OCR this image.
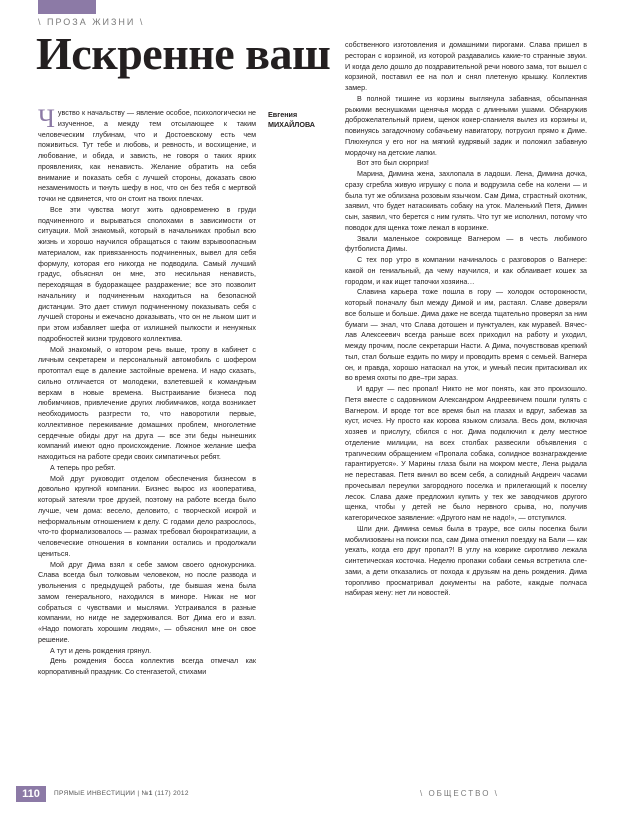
\ ПРОЗА ЖИЗНИ \
Искренне ваш
Евгения
МИХАЙЛОВА

Чувство к начальству — явление особое, психологически не изученное, а между тем отсылающее к таким человеческим глубинам, что и Достоевскому есть чем поживиться. Тут тебе и любовь, и ревность, и восхищение, и любование, и обида, и зависть, не говоря о таких ярких проявлениях, как ненависть. Желание обратить на себя внимание и показать себя с лучшей стороны, доказать свою незаменимость и ткнуть шефу в нос, что он без тебя с мертвой точки не сдвинется, что он стоит на твоих плечах.

Все эти чувства могут жить одновременно в груди подчиненного и вырываться сполохами в зависимости от ситуации. Мой знакомый, который в начальниках пробыл всю жизнь и хорошо научился обращаться с таким взрывоопасным материалом, как привязанность подчиненных, вывел для себя формулу, которая его никогда не подводила. Самый лучший градус, объяснял он мне, это несильная ненависть, переходящая в будоражащее раздражение; все это позволит начальнику и подчиненным находиться на безопасной дистанции. Это дает стимул подчиненному показывать себя с лучшей стороны и ежечасно доказывать, что он не лыком шит и при этом избавляет шефа от излишней пылкости и ненужных подробностей жизни трудового коллектива.

Мой знакомый, о котором речь выше, тропу в кабинет с личным секретарем и персональный автомобиль с шофером протоптал еще в далекие застойные времена. И надо сказать, сильно отличается от молодежи, взлетевшей к командным верхам в новые времена. Выстраивание бизнеса под любимчиков, привлечение других любимчиков, когда возникает необходимость разгрести то, что наворотили первые, коллективное переживание домашних проблем, многолетние сердечные обиды друг на друга — все эти беды нынешних компаний имеют одно происхождение. Ложное желание шефа находиться на работе среди своих симпатичных ребят.

А теперь про ребят.

Мой друг руководит отделом обеспечения бизнесом в довольно крупной компании. Бизнес вырос из кооператива, который затеяли трое друзей, поэтому на работе всегда было лучше, чем дома: весело, деловито, с творческой искрой и неформальным отношением к делу. С годами дело разрослось, что-то формализовалось — размах требовал бюрократизации, а человеческие отношения в компании остались и продолжали цениться.

Мой друг Дима взял к себе замом своего однокурсника. Слава всегда был толковым человеком, но после развода и увольнения с предыдущей работы, где бывшая жена была замом генерального, находился в миноре. Никак не мог собраться с чувствами и мыслями. Устраивался в разные компании, но нигде не задерживался. Вот Дима его и взял. «Надо помогать хорошим людям», — объяснил мне он свое решение.

А тут и день рождения грянул.

День рождения босса коллектив всегда отмечал как корпоративный праздник. Со стенгазетой, стихами

собственного изготовления и домашними пирогами. Слава пришел в ресторан с корзиной, из которой раздавались какие-то странные звуки. И когда дело дошло до поздравительной речи нового зама, тот вышел с корзиной, поставил ее на пол и снял плетеную крышку. Коллектив замер.

В полной тишине из корзины выглянула забавная, обсыпанная рыжими веснушками щенячья морда с длинными ушами. Обнаружив доброжелательный прием, щенок кокер-спаниеля вылез из корзины и, повинуясь загaдочному собачьему навигатору, потрусил прямо к Диме. Плюхнулся у его ног на мягкий кудрявый задик и положил забавную мордочку на детские лапки.

Вот это был сюрприз!

Марина, Димина жена, захлопала в ладоши. Лена, Димина дочка, сразу сгребла живую игрушку с пола и водрузила себе на колени — и была тут же облизана розовым язычком. Сам Дима, страстный охотник, заявил, что будет натаскивать собаку на уток. Маленький Петя, Димин сын, заявил, что берется с ним гулять. Что тут же исполнил, потому что поводок для щенка тоже лежал в корзинке.

Звали маленькое сокровище Вагнером — в честь любимого футболиста Димы.

С тех пор утро в компании начиналось с разговоров о Вагнере: какой он гениальный, да чему научился, и как облаивает кошек за городом, и как ищет тапочки хозяина…

Славина карьера тоже пошла в гору — холодок осторожности, который поначалу был между Димой и им, растаял. Славе доверяли все больше и больше. Дима даже не всегда тщательно проверял за ним бумаги — знал, что Слава дотошен и пунктуален, как муравей. Вячеслав Алексеевич всегда раньше всех приходил на работу и уходил, между прочим, после секретарши Насти. А Дима, почувствовав крепкий тыл, стал больше ездить по миру и проводить время с семьей. Вагнера он, и правда, хорошо натаскал на уток, и умный песик притаскивал их во время охоты по две–три зараз.

И вдруг — пес пропал! Никто не мог понять, как это произошло. Петя вместе с садовником Александром Андреевичем пошли гулять с Вагнером. И вроде тот все время был на глазах и вдруг, забежав за куст, исчез. Ну просто как корова языком слизала. Весь дом, включая хозяев и прислугу, сбился с ног. Дима подключил к делу местное отделение милиции, на всех столбах развесили объявления с трагическим обращением «Пропала собака, солидное вознаграждение гарантируется». У Марины глаза были на мокром месте, Лена рыдала не переставая. Петя винил во всем себя, а солидный Андреич часами прочесывал переулки загородного поселка и прилегающий к поселку лесок. Слава даже предложил купить у тех же заводчиков другого щенка, чтобы у детей не было нервного срыва, но, получив категорическое заявление: «Другого нам не надо!», — отступился.

Шли дни. Димина семья была в трауре, все силы поселка были мобилизованы на поиски пса, сам Дима отменил поездку на Бали — как уехать, когда его друг пропал?! В углу на коврике сиротливо лежала синтетическая косточка. Неделю пропажи собаки семья встретила слезами, а дети отказались от похода к друзьям на день рождения. Дима торопливо просматривал документы на работе, каждые полчаса набирая жену: нет ли новостей.

110	ПРЯМЫЕ ИНВЕСТИЦИИ | №1 (117) 2012	\ ОБЩЕСТВО \
